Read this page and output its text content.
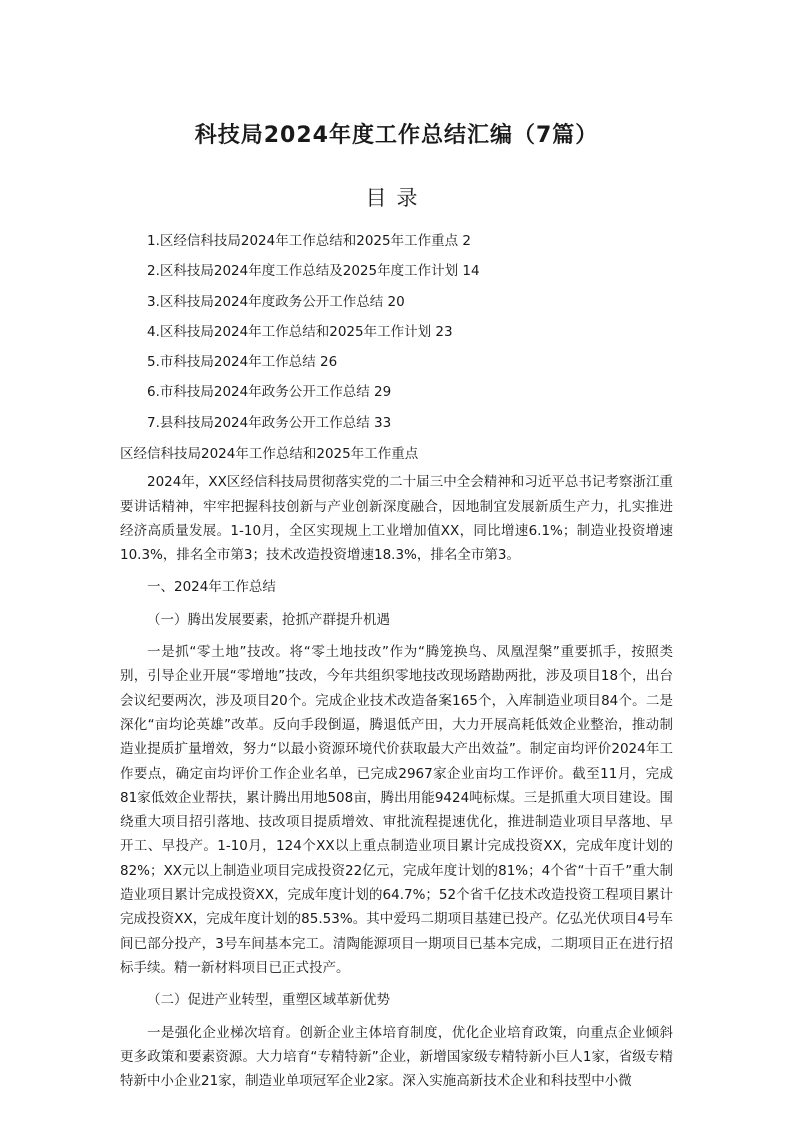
科技局2024年度工作总结汇编（7篇）
目录
1.区经信科技局2024年工作总结和2025年工作重点 2
2.区科技局2024年度工作总结及2025年度工作计划 14
3.区科技局2024年度政务公开工作总结 20
4.区科技局2024年工作总结和2025年工作计划 23
5.市科技局2024年工作总结 26
6.市科技局2024年政务公开工作总结 29
7.县科技局2024年政务公开工作总结 33

区经信科技局2024年工作总结和2025年工作重点

2024年，XX区经信科技局贯彻落实党的二十届三中全会精神和习近平总书记考察浙江重要讲话精神，牢牢把握科技创新与产业创新深度融合，因地制宜发展新质生产力，扎实推进经济高质量发展。1-10月，全区实现规上工业增加值XX，同比增速6.1%；制造业投资增速10.3%，排名全市第3；技术改造投资增速18.3%，排名全市第3。

一、2024年工作总结

（一）腾出发展要素，抢抓产群提升机遇

一是抓“零土地”技改。将“零土地技改”作为“腾笼换鸟、凤凰涅槃”重要抓手，按照类别，引导企业开展“零增地”技改，今年共组织零地技改现场踏勘两批，涉及项目18个，出台会议纪要两次，涉及项目20个。完成企业技术改造备案165个，入库制造业项目84个。二是深化“亩均论英雄”改革。反向手段倒逼，腾退低产田，大力开展高耗低效企业整治，推动制造业提质扩量增效，努力“以最小资源环境代价获取最大产出效益”。制定亩均评价2024年工作要点，确定亩均评价工作企业名单，已完成2967家企业亩均工作评价。截至11月，完成81家低效企业帮扶，累计腾出用地508亩，腾出用能9424吨标煤。三是抓重大项目建设。围绕重大项目招引落地、技改项目提质增效、审批流程提速优化，推进制造业项目早落地、早开工、早投产。1-10月，124个XX以上重点制造业项目累计完成投资XX，完成年度计划的82%；XX元以上制造业项目完成投资22亿元，完成年度计划的81%；4个省“十百千”重大制造业项目累计完成投资XX，完成年度计划的64.7%；52个省千亿技术改造投资工程项目累计完成投资XX，完成年度计划的85.53%。其中爱玛二期项目基建已投产。亿弘光伏项目4号车间已部分投产，3号车间基本完工。清陶能源项目一期项目已基本完成，二期项目正在进行招标手续。精一新材料项目已正式投产。

（二）促进产业转型，重塑区域革新优势

一是强化企业梯次培育。创新企业主体培育制度，优化企业培育政策，向重点企业倾斜更多政策和要素资源。大力培育“专精特新”企业，新增国家级专精特新小巨人1家，省级专精特新中小企业21家，制造业单项冠军企业2家。深入实施高新技术企业和科技型中小微
